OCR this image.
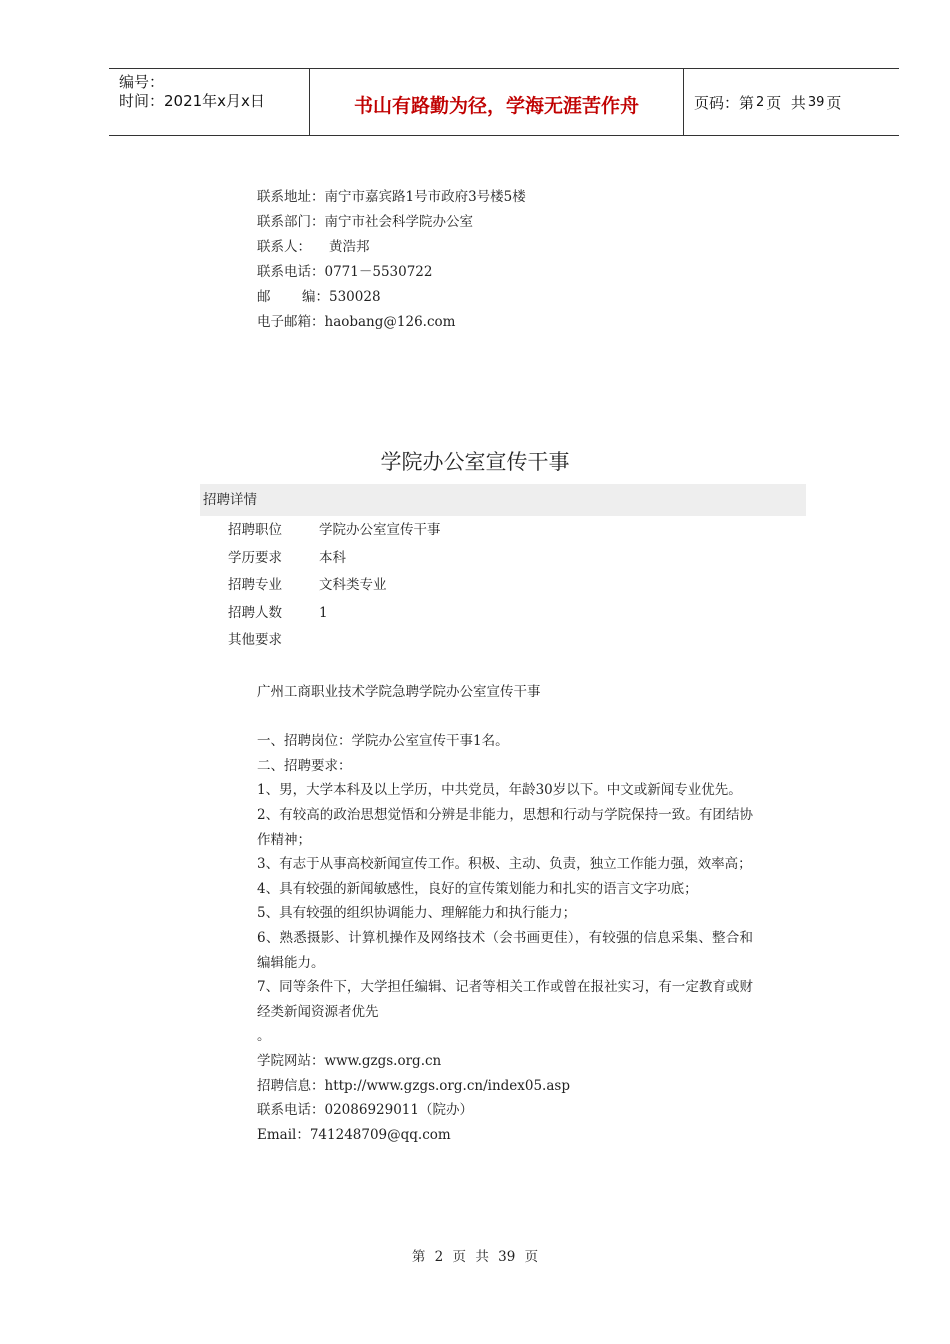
编号：
时间：2021年x月x日	书山有路勤为径，学海无涯苦作舟	页码：第 2 页  共 39 页
联系地址： 南宁市嘉宾路1号市政府3号楼5楼
联系部门： 南宁市社会科学院办公室
联系人：	黄浩邦
联系电话： 0771－5530722
邮 编： 530028
电子邮箱： haobang@126.com
学院办公室宣传干事
招聘详情
招聘职位	学院办公室宣传干事
学历要求	本科
招聘专业	文科类专业
招聘人数	1
其他要求

广州工商职业技术学院急聘学院办公室宣传干事

一、招聘岗位：学院办公室宣传干事1名。

二、招聘要求：

1、男，大学本科及以上学历，中共党员，年龄30岁以下。中文或新闻专业优先。

2、有较高的政治思想觉悟和分辨是非能力，思想和行动与学院保持一致。有团结协作精神；

3、有志于从事高校新闻宣传工作。积极、主动、负责，独立工作能力强，效率高；

4、具有较强的新闻敏感性，良好的宣传策划能力和扎实的语言文字功底；

5、具有较强的组织协调能力、理解能力和执行能力；

6、熟悉摄影、计算机操作及网络技术（会书画更佳），有较强的信息采集、整合和编辑能力。

7、同等条件下，大学担任编辑、记者等相关工作或曾在报社实习，有一定教育或财经类新闻资源者优先

。

学院网站：www.gzgs.org.cn

招聘信息：http://www.gzgs.org.cn/index05.asp

联系电话：02086929011（院办）

Email：741248709@qq.com

第 2 页 共 39 页
